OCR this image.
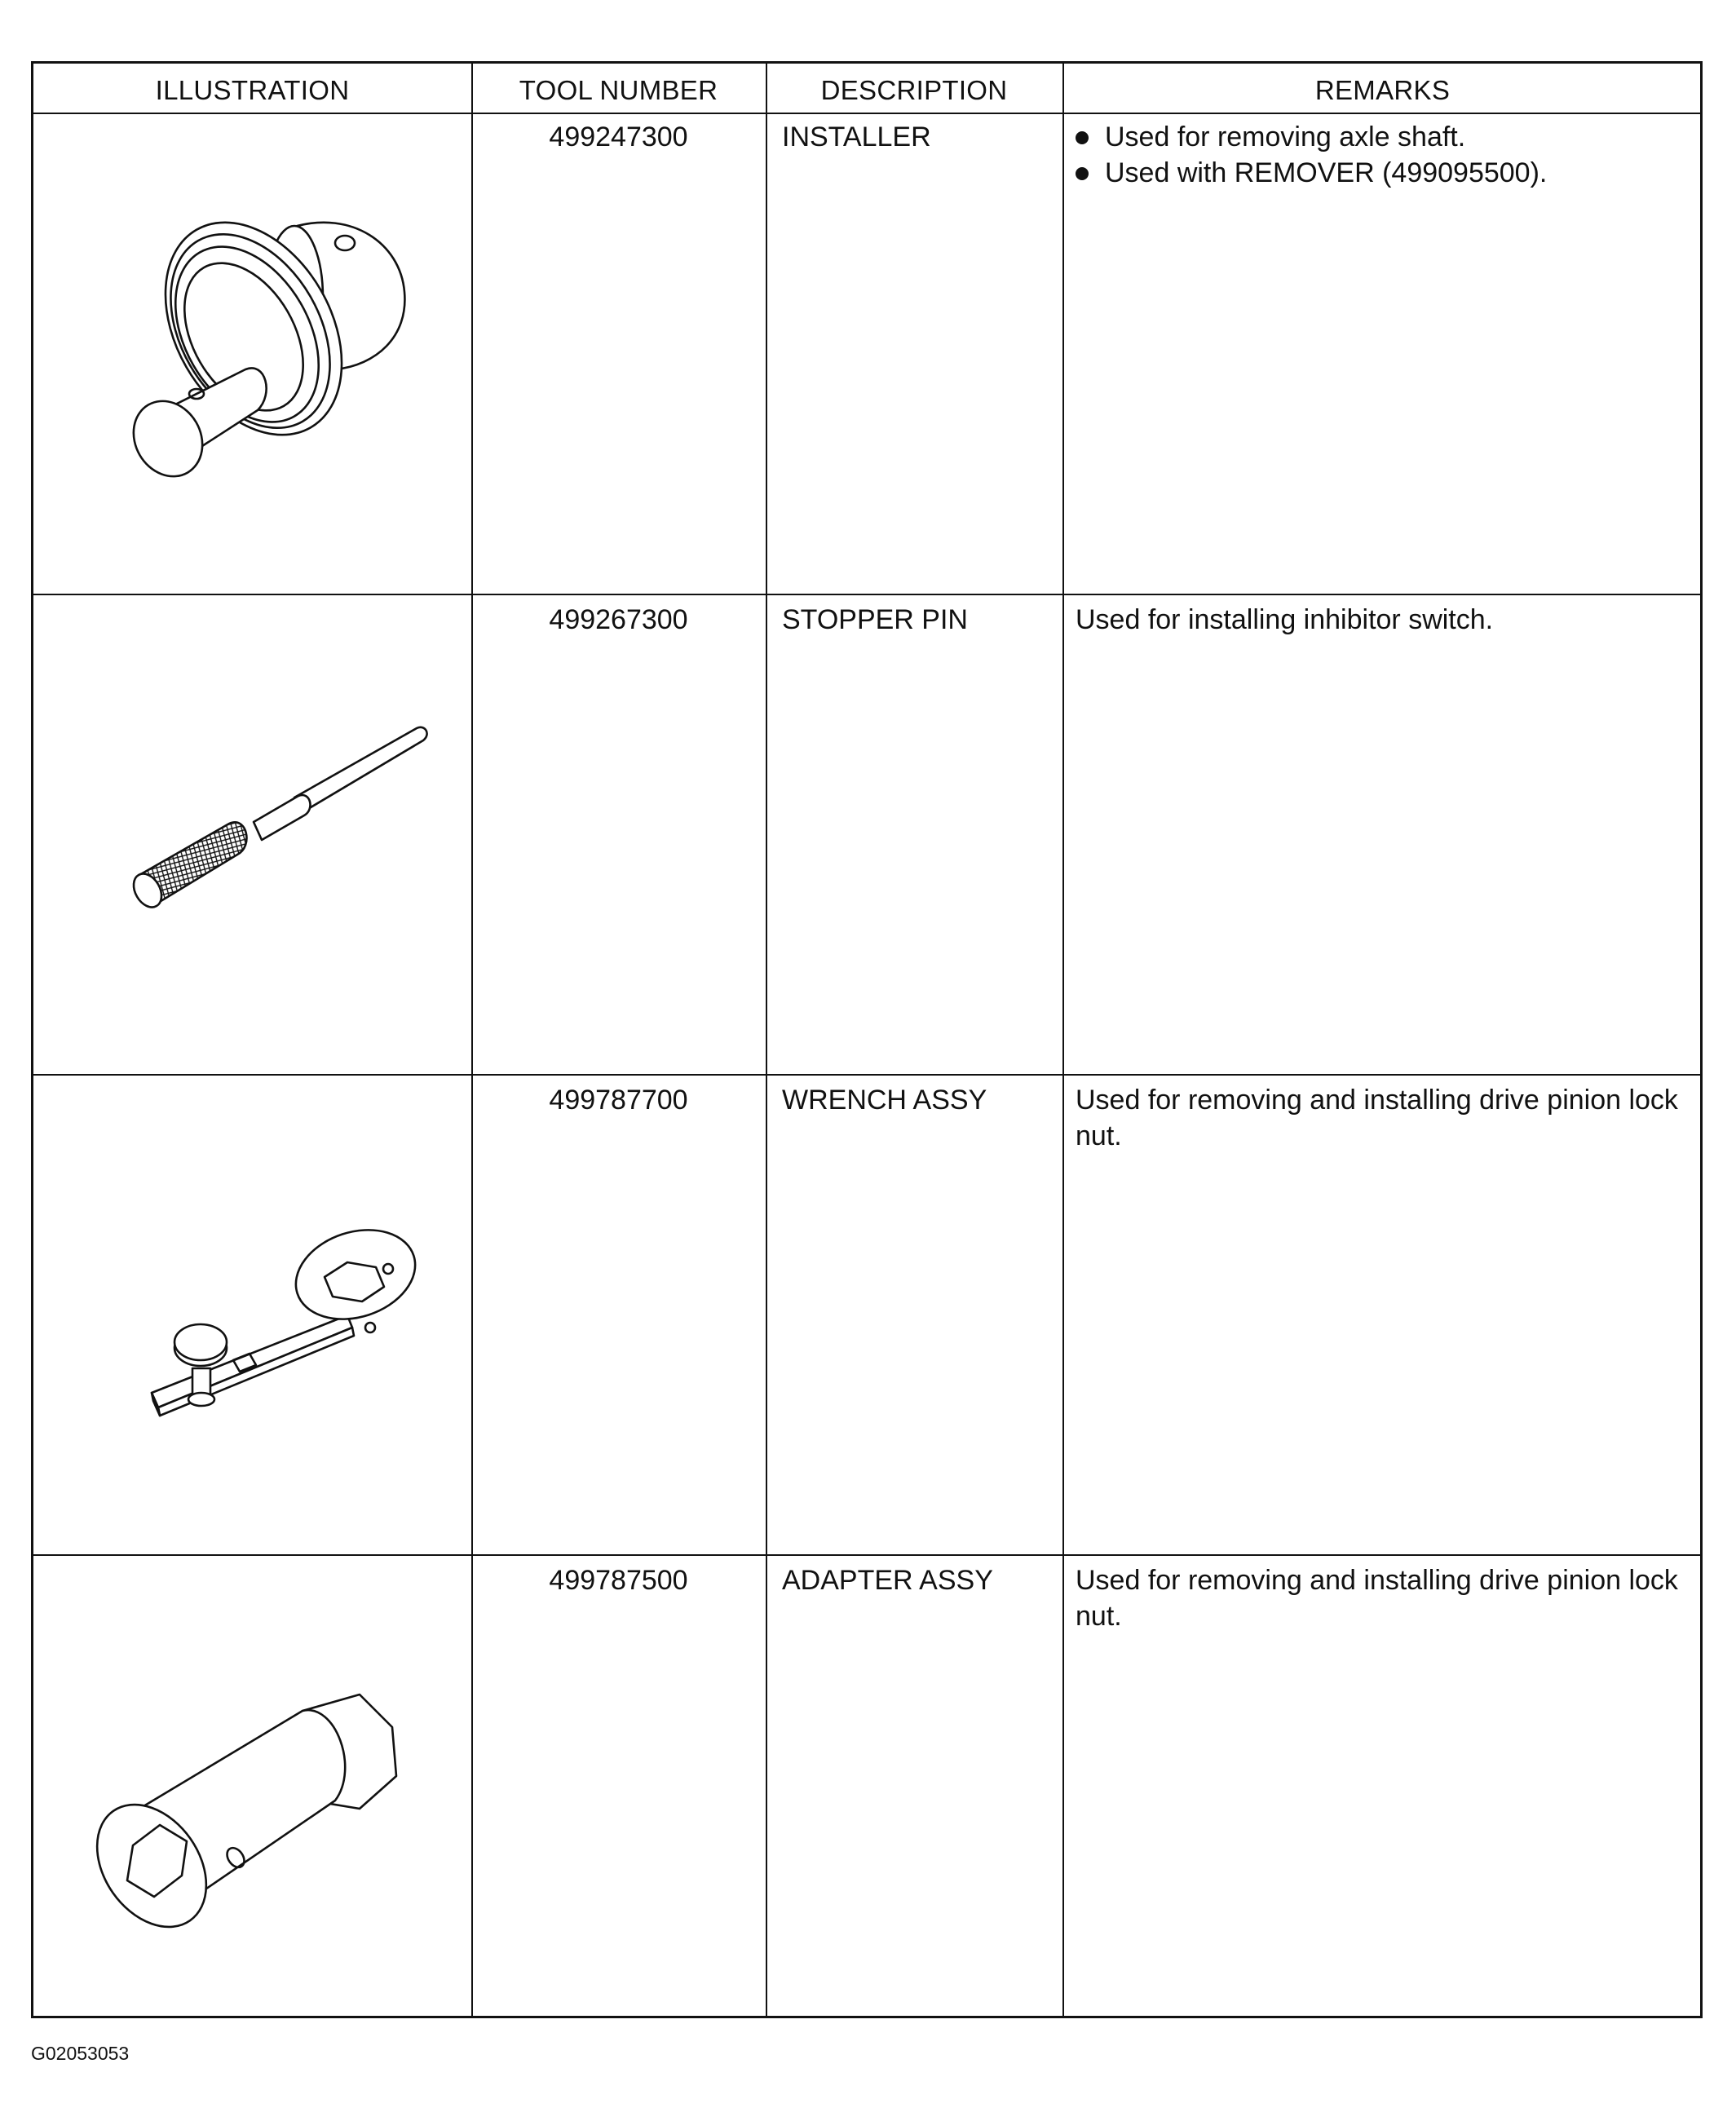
ILLUSTRATION	TOOL NUMBER	DESCRIPTION	REMARKS
499247300	INSTALLER	Used for removing axle shaft.
Used with REMOVER (499095500).
499267300	STOPPER PIN	Used for installing inhibitor switch.
499787700	WRENCH ASSY	Used for removing and installing drive pinion lock nut.
499787500	ADAPTER ASSY	Used for removing and installing drive pinion lock nut.
G02053053
